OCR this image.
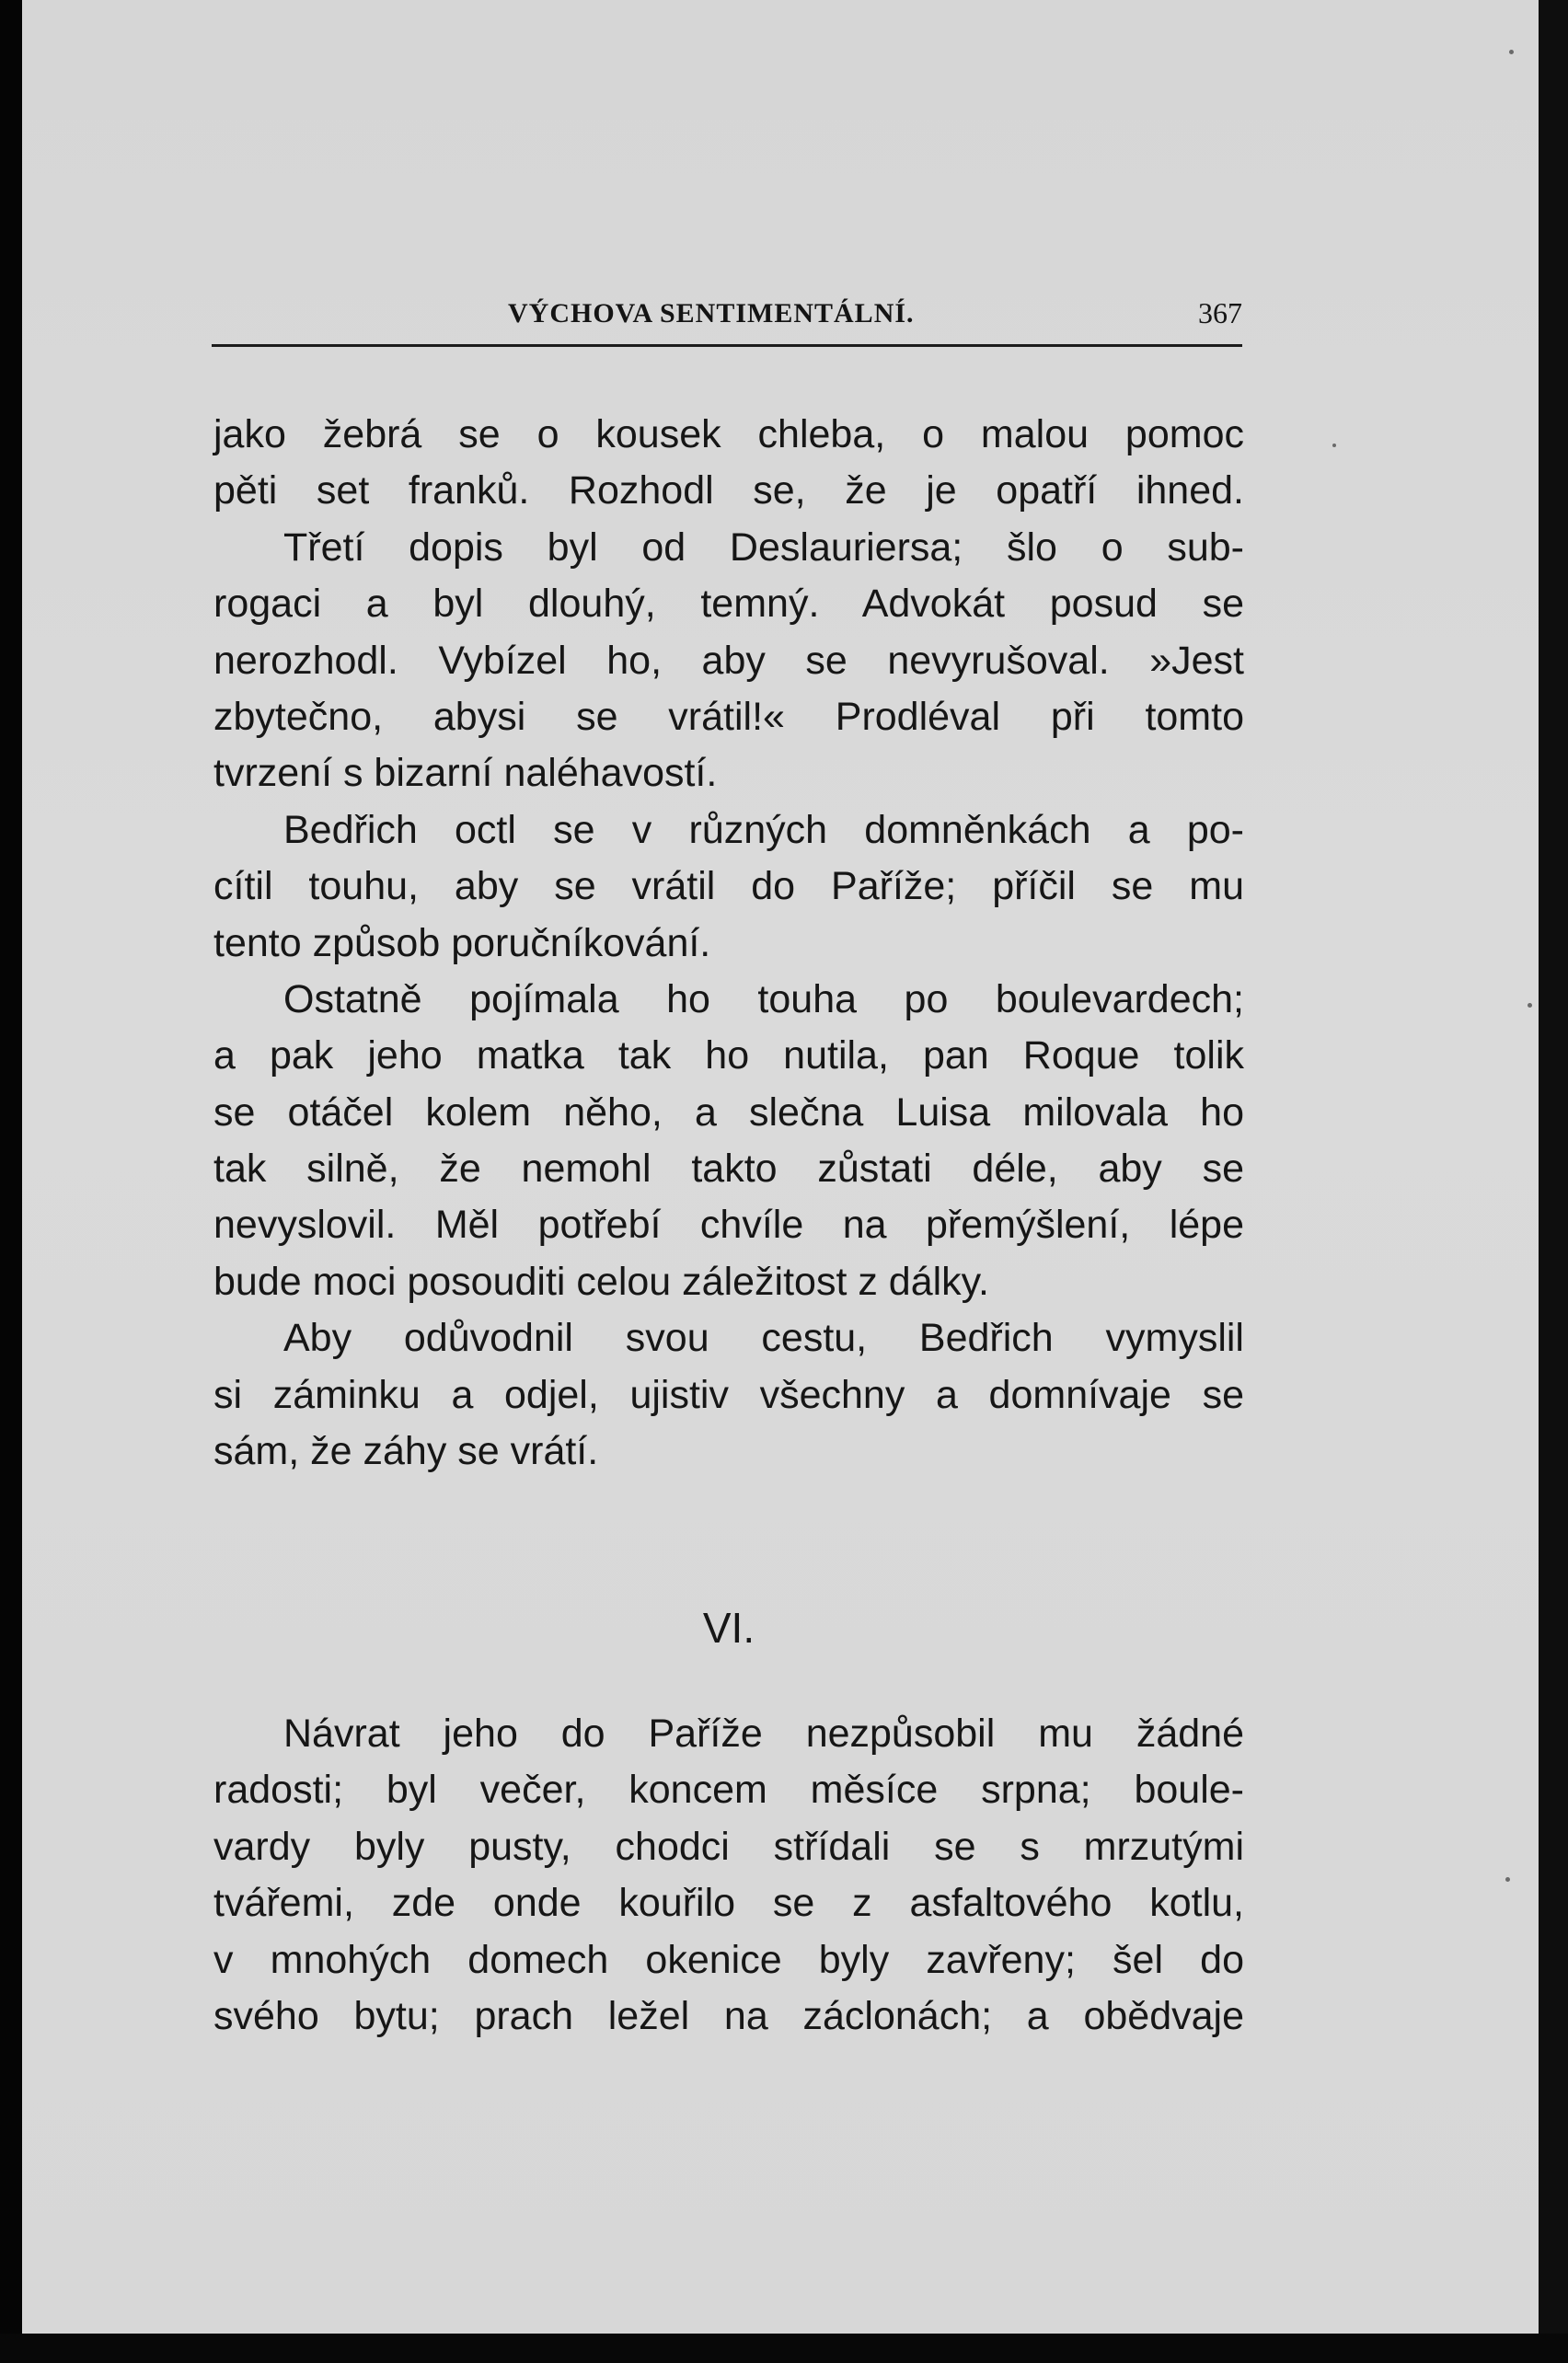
VÝCHOVA SENTIMENTÁLNÍ.	367
jako žebrá se o kousek chleba, o malou pomoc
pěti set franků. Rozhodl se, že je opatří ihned.
Třetí dopis byl od Deslauriersa; šlo o sub-
rogaci a byl dlouhý, temný. Advokát posud se
nerozhodl. Vybízel ho, aby se nevyrušoval. »Jest
zbytečno, abysi se vrátil!« Prodléval při tomto
tvrzení s bizarní naléhavostí.
Bedřich octl se v různých domněnkách a po-
cítil touhu, aby se vrátil do Paříže; příčil se mu
tento způsob poručníkování.
Ostatně pojímala ho touha po boulevardech;
a pak jeho matka tak ho nutila, pan Roque tolik
se otáčel kolem něho, a slečna Luisa milovala ho
tak silně, že nemohl takto zůstati déle, aby se
nevyslovil. Měl potřebí chvíle na přemýšlení, lépe
bude moci posouditi celou záležitost z dálky.
Aby odůvodnil svou cestu, Bedřich vymyslil
si záminku a odjel, ujistiv všechny a domnívaje se
sám, že záhy se vrátí.
VI.
Návrat jeho do Paříže nezpůsobil mu žádné
radosti; byl večer, koncem měsíce srpna; boule-
vardy byly pusty, chodci střídali se s mrzutými
tvářemi, zde onde kouřilo se z asfaltového kotlu,
v mnohých domech okenice byly zavřeny; šel do
svého bytu; prach ležel na záclonách; a obědvaje
